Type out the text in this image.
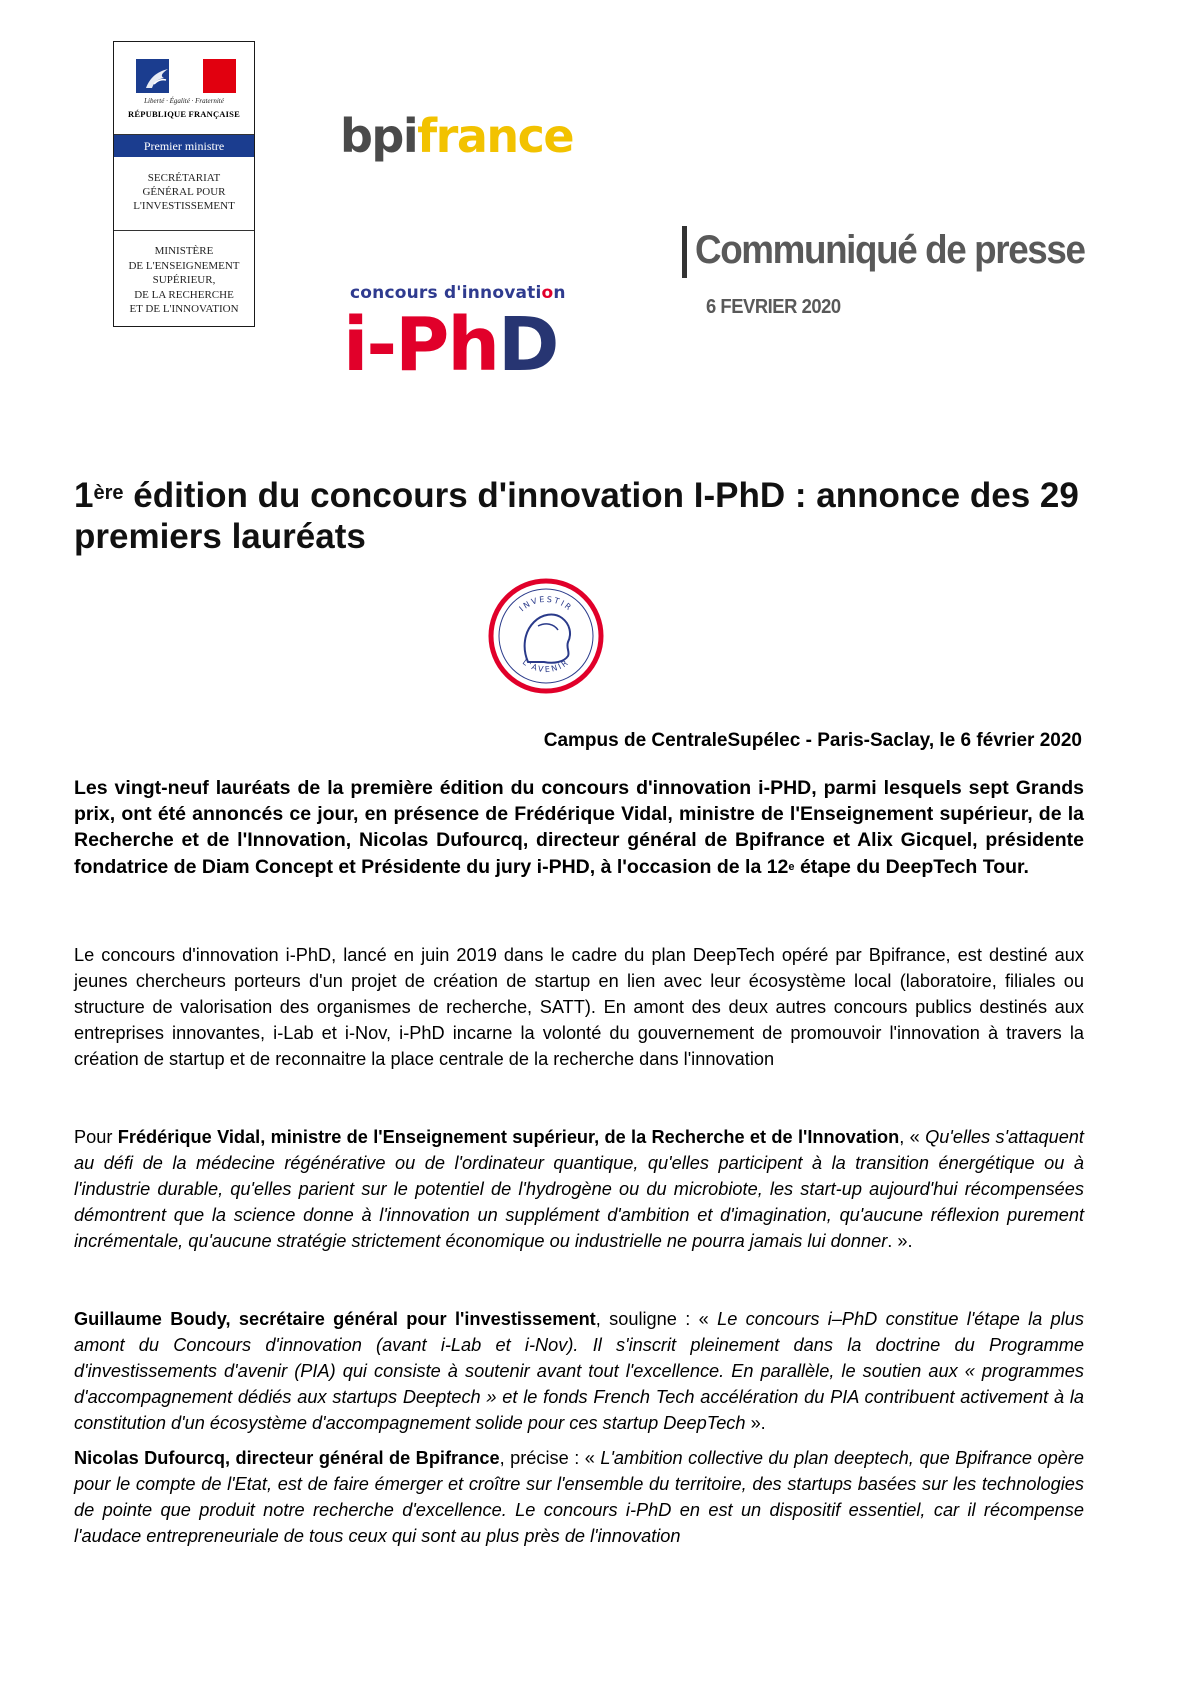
Liberté · Égalité · Fraternité
RÉPUBLIQUE FRANÇAISE
Premier ministre
SECRÉTARIAT
GÉNÉRAL POUR
L'INVESTISSEMENT
MINISTÈRE
DE L'ENSEIGNEMENT
SUPÉRIEUR,
DE LA RECHERCHE
ET DE L'INNOVATION
bpifrance
concours d'innovation
i-PhD
Communiqué de presse
6 FEVRIER 2020
1ère édition du concours d'innovation I-PhD : annonce des 29 premiers lauréats
INVESTIR
L'AVENIR
Campus de CentraleSupélec - Paris-Saclay, le 6 février 2020
Les vingt-neuf lauréats de la première édition du concours d'innovation i-PHD, parmi lesquels sept Grands prix, ont été annoncés ce jour, en présence de Frédérique Vidal, ministre de l'Enseignement supérieur, de la Recherche et de l'Innovation, Nicolas Dufourcq, directeur général de Bpifrance et Alix Gicquel, présidente fondatrice de Diam Concept et Présidente du jury i-PHD, à l'occasion de la 12e étape du DeepTech Tour.
Le concours d'innovation i-PhD, lancé en juin 2019 dans le cadre du plan DeepTech opéré par Bpifrance, est destiné aux jeunes chercheurs porteurs d'un projet de création de startup en lien avec leur écosystème local (laboratoire, filiales ou structure de valorisation des organismes de recherche, SATT). En amont des deux autres concours publics destinés aux entreprises innovantes, i-Lab et i-Nov, i-PhD incarne la volonté du gouvernement de promouvoir l'innovation à travers la création de startup et de reconnaitre la place centrale de la recherche dans l'innovation
Pour Frédérique Vidal, ministre de l'Enseignement supérieur, de la Recherche et de l'Innovation, « Qu'elles s'attaquent au défi de la médecine régénérative ou de l'ordinateur quantique, qu'elles participent à la transition énergétique ou à l'industrie durable, qu'elles parient sur le potentiel de l'hydrogène ou du microbiote, les start-up aujourd'hui récompensées démontrent que la science donne à l'innovation un supplément d'ambition et d'imagination, qu'aucune réflexion purement incrémentale, qu'aucune stratégie strictement économique ou industrielle ne pourra jamais lui donner. ».
Guillaume Boudy, secrétaire général pour l'investissement, souligne : « Le concours i–PhD constitue l'étape la plus amont du Concours d'innovation (avant i-Lab et i-Nov). Il s'inscrit pleinement dans la doctrine du Programme d'investissements d'avenir (PIA) qui consiste à soutenir avant tout l'excellence. En parallèle, le soutien aux « programmes d'accompagnement dédiés aux startups Deeptech » et le fonds French Tech accélération du PIA contribuent activement à la constitution d'un écosystème d'accompagnement solide pour ces startup DeepTech ».
Nicolas Dufourcq, directeur général de Bpifrance, précise : « L'ambition collective du plan deeptech, que Bpifrance opère pour le compte de l'Etat, est de faire émerger et croître sur l'ensemble du territoire, des startups basées sur les technologies de pointe que produit notre recherche d'excellence. Le concours i-PhD en est un dispositif essentiel, car il récompense l'audace entrepreneuriale de tous ceux qui sont au plus près de l'innovation
